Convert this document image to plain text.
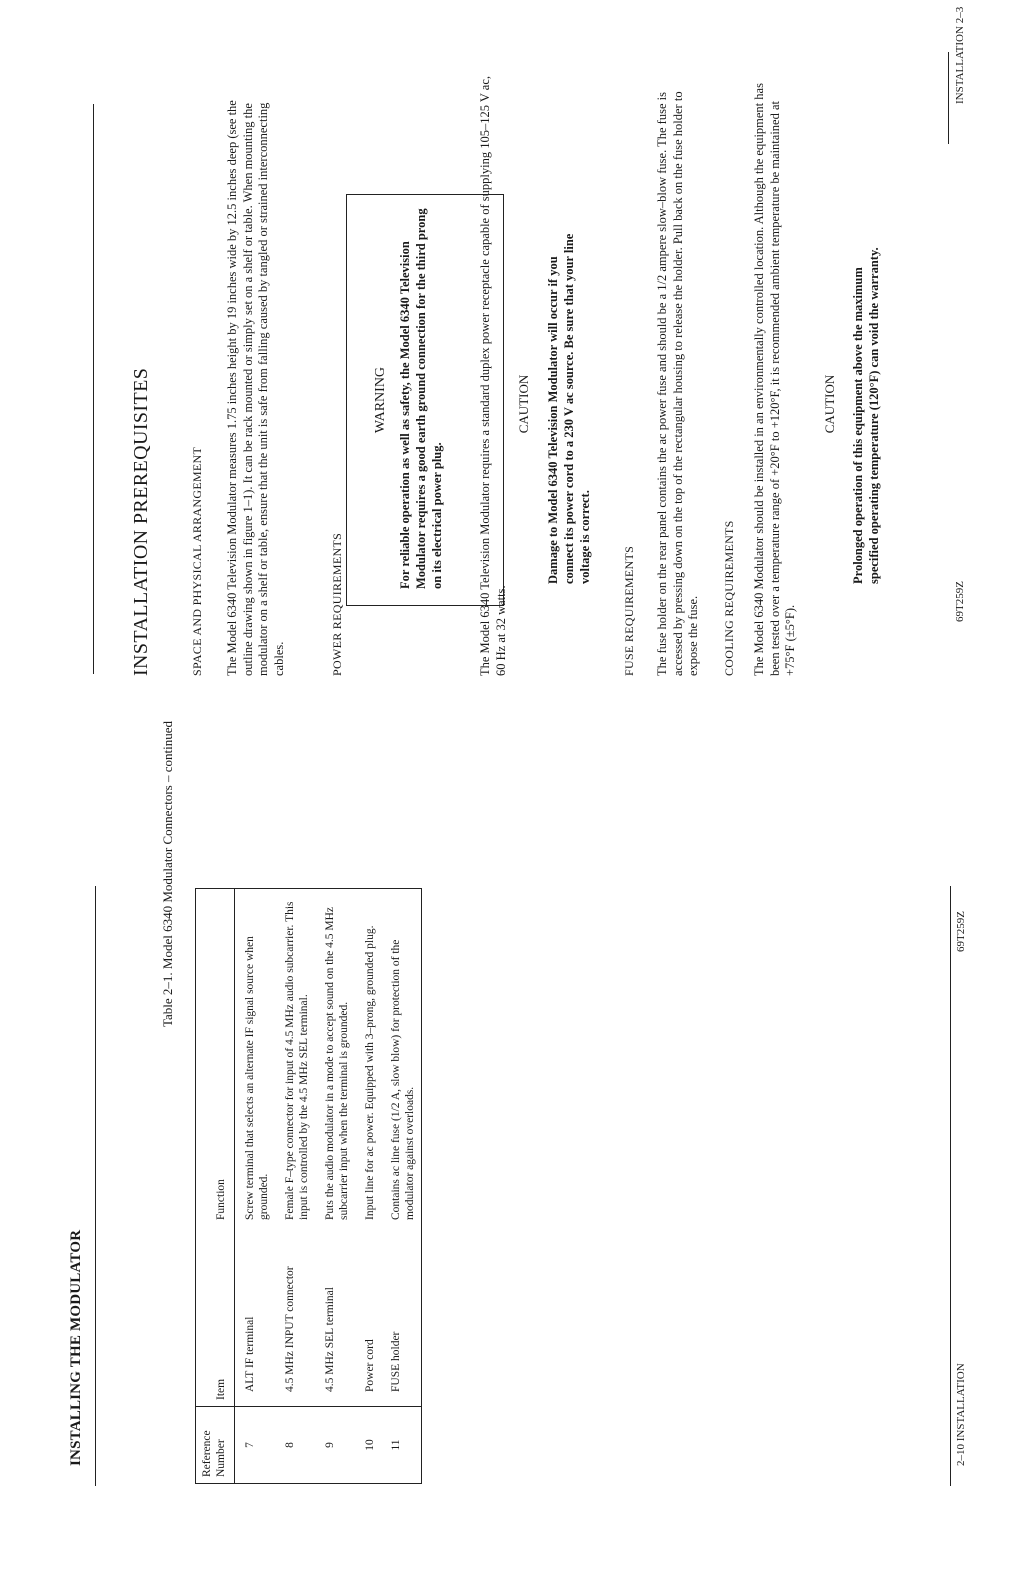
INSTALLING THE MODULATOR
Table 2–1. Model 6340 Modulator Connectors – continued
Reference Number	Item	Function
7	ALT IF terminal	Screw terminal that selects an alternate IF signal source when grounded.
8	4.5 MHz INPUT connector	Female F–type connector for input of 4.5 MHz audio subcarrier. This input is controlled by the 4.5 MHz SEL terminal.
9	4.5 MHz SEL terminal	Puts the audio modulator in a mode to accept sound on the 4.5 MHz subcarrier input when the terminal is grounded.
10	Power cord	Input line for ac power. Equipped with 3–prong, grounded plug.
11	FUSE holder	Contains ac line fuse (1/2 A, slow blow) for protection of the modulator against overloads.
2–10 INSTALLATION
69T259Z
INSTALLATION PREREQUISITES	SPACE AND PHYSICAL ARRANGEMENT The Model 6340 Television Modulator measures 1.75 inches height by 19 inches wide by 12.5 inches deep (see the outline drawing shown in figure 1–1). It can be rack mounted or simply set on a shelf or table. When mounting the modulator on a shelf or table, ensure that the unit is safe from falling caused by tangled or strained interconnecting cables.	POWER REQUIREMENTS
WARNING For reliable operation as well as safety, the Model 6340 Television Modulator requires a good earth ground connection for the third prong on its electrical power plug.	The Model 6340 Television Modulator requires a standard duplex power receptacle capable of supplying 105–125 V ac, 60 Hz at 32 watts.
CAUTION Damage to Model 6340 Television Modulator will occur if you connect its power cord to a 230 V ac source. Be sure that your line voltage is correct.
FUSE REQUIREMENTS The fuse holder on the rear panel contains the ac power fuse and should be a 1/2 ampere slow–blow fuse. The fuse is accessed by pressing down on the top of the rectangular housing to release the holder. Pull back on the fuse holder to expose the fuse. COOLING REQUIREMENTS The Model 6340 Modulator should be installed in an environmentally controlled location. Although the equipment has been tested over a temperature range of +20°F to +120°F, it is recommended ambient temperature be maintained at +75°F (±5°F).
CAUTION Prolonged operation of this equipment above the maximum specified operating temperature (120°F) can void the warranty.
69T259Z
INSTALLATION 2–3
